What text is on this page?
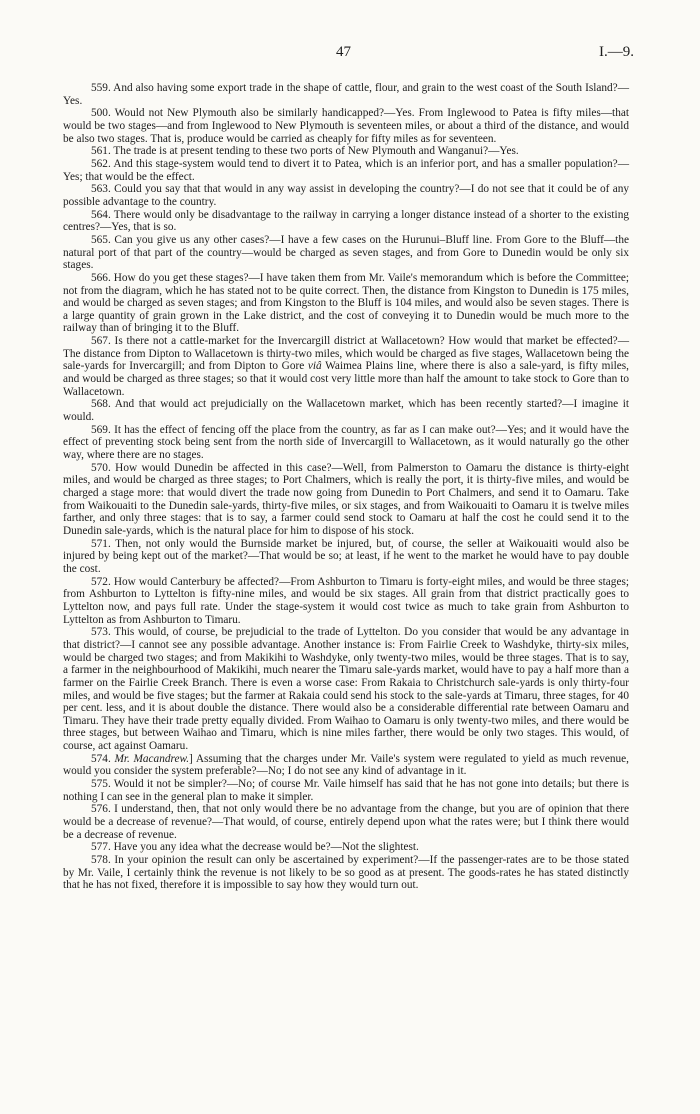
47	I.—9.

559. And also having some export trade in the shape of cattle, flour, and grain to the west coast of the South Island?—Yes.

500. Would not New Plymouth also be similarly handicapped?—Yes. From Inglewood to Patea is fifty miles—that would be two stages—and from Inglewood to New Plymouth is seventeen miles, or about a third of the distance, and would be also two stages. That is, produce would be carried as cheaply for fifty miles as for seventeen.

561. The trade is at present tending to these two ports of New Plymouth and Wanganui?—Yes.

562. And this stage-system would tend to divert it to Patea, which is an inferior port, and has a smaller population?—Yes; that would be the effect.

563. Could you say that that would in any way assist in developing the country?—I do not see that it could be of any possible advantage to the country.

564. There would only be disadvantage to the railway in carrying a longer distance instead of a shorter to the existing centres?—Yes, that is so.

565. Can you give us any other cases?—I have a few cases on the Hurunui–Bluff line. From Gore to the Bluff—the natural port of that part of the country—would be charged as seven stages, and from Gore to Dunedin would be only six stages.

566. How do you get these stages?—I have taken them from Mr. Vaile's memorandum which is before the Committee; not from the diagram, which he has stated not to be quite correct. Then, the distance from Kingston to Dunedin is 175 miles, and would be charged as seven stages; and from Kingston to the Bluff is 104 miles, and would also be seven stages. There is a large quantity of grain grown in the Lake district, and the cost of conveying it to Dunedin would be much more to the railway than of bringing it to the Bluff.

567. Is there not a cattle-market for the Invercargill district at Wallacetown? How would that market be effected?—The distance from Dipton to Wallacetown is thirty-two miles, which would be charged as five stages, Wallacetown being the sale-yards for Invercargill; and from Dipton to Gore viâ Waimea Plains line, where there is also a sale-yard, is fifty miles, and would be charged as three stages; so that it would cost very little more than half the amount to take stock to Gore than to Wallacetown.

568. And that would act prejudicially on the Wallacetown market, which has been recently started?—I imagine it would.

569. It has the effect of fencing off the place from the country, as far as I can make out?—Yes; and it would have the effect of preventing stock being sent from the north side of Invercargill to Wallacetown, as it would naturally go the other way, where there are no stages.

570. How would Dunedin be affected in this case?—Well, from Palmerston to Oamaru the distance is thirty-eight miles, and would be charged as three stages; to Port Chalmers, which is really the port, it is thirty-five miles, and would be charged a stage more: that would divert the trade now going from Dunedin to Port Chalmers, and send it to Oamaru. Take from Waikouaiti to the Dunedin sale-yards, thirty-five miles, or six stages, and from Waikouaiti to Oamaru it is twelve miles farther, and only three stages: that is to say, a farmer could send stock to Oamaru at half the cost he could send it to the Dunedin sale-yards, which is the natural place for him to dispose of his stock.

571. Then, not only would the Burnside market be injured, but, of course, the seller at Waikouaiti would also be injured by being kept out of the market?—That would be so; at least, if he went to the market he would have to pay double the cost.

572. How would Canterbury be affected?—From Ashburton to Timaru is forty-eight miles, and would be three stages; from Ashburton to Lyttelton is fifty-nine miles, and would be six stages. All grain from that district practically goes to Lyttelton now, and pays full rate. Under the stage-system it would cost twice as much to take grain from Ashburton to Lyttelton as from Ashburton to Timaru.

573. This would, of course, be prejudicial to the trade of Lyttelton. Do you consider that would be any advantage in that district?—I cannot see any possible advantage. Another instance is: From Fairlie Creek to Washdyke, thirty-six miles, would be charged two stages; and from Makikihi to Washdyke, only twenty-two miles, would be three stages. That is to say, a farmer in the neighbourhood of Makikihi, much nearer the Timaru sale-yards market, would have to pay a half more than a farmer on the Fairlie Creek Branch. There is even a worse case: From Rakaia to Christchurch sale-yards is only thirty-four miles, and would be five stages; but the farmer at Rakaia could send his stock to the sale-yards at Timaru, three stages, for 40 per cent. less, and it is about double the distance. There would also be a considerable differential rate between Oamaru and Timaru. They have their trade pretty equally divided. From Waihao to Oamaru is only twenty-two miles, and there would be three stages, but between Waihao and Timaru, which is nine miles farther, there would be only two stages. This would, of course, act against Oamaru.

574. Mr. Macandrew.] Assuming that the charges under Mr. Vaile's system were regulated to yield as much revenue, would you consider the system preferable?—No; I do not see any kind of advantage in it.

575. Would it not be simpler?—No; of course Mr. Vaile himself has said that he has not gone into details; but there is nothing I can see in the general plan to make it simpler.

576. I understand, then, that not only would there be no advantage from the change, but you are of opinion that there would be a decrease of revenue?—That would, of course, entirely depend upon what the rates were; but I think there would be a decrease of revenue.

577. Have you any idea what the decrease would be?—Not the slightest.

578. In your opinion the result can only be ascertained by experiment?—If the passenger-rates are to be those stated by Mr. Vaile, I certainly think the revenue is not likely to be so good as at present. The goods-rates he has stated distinctly that he has not fixed, therefore it is impossible to say how they would turn out.
